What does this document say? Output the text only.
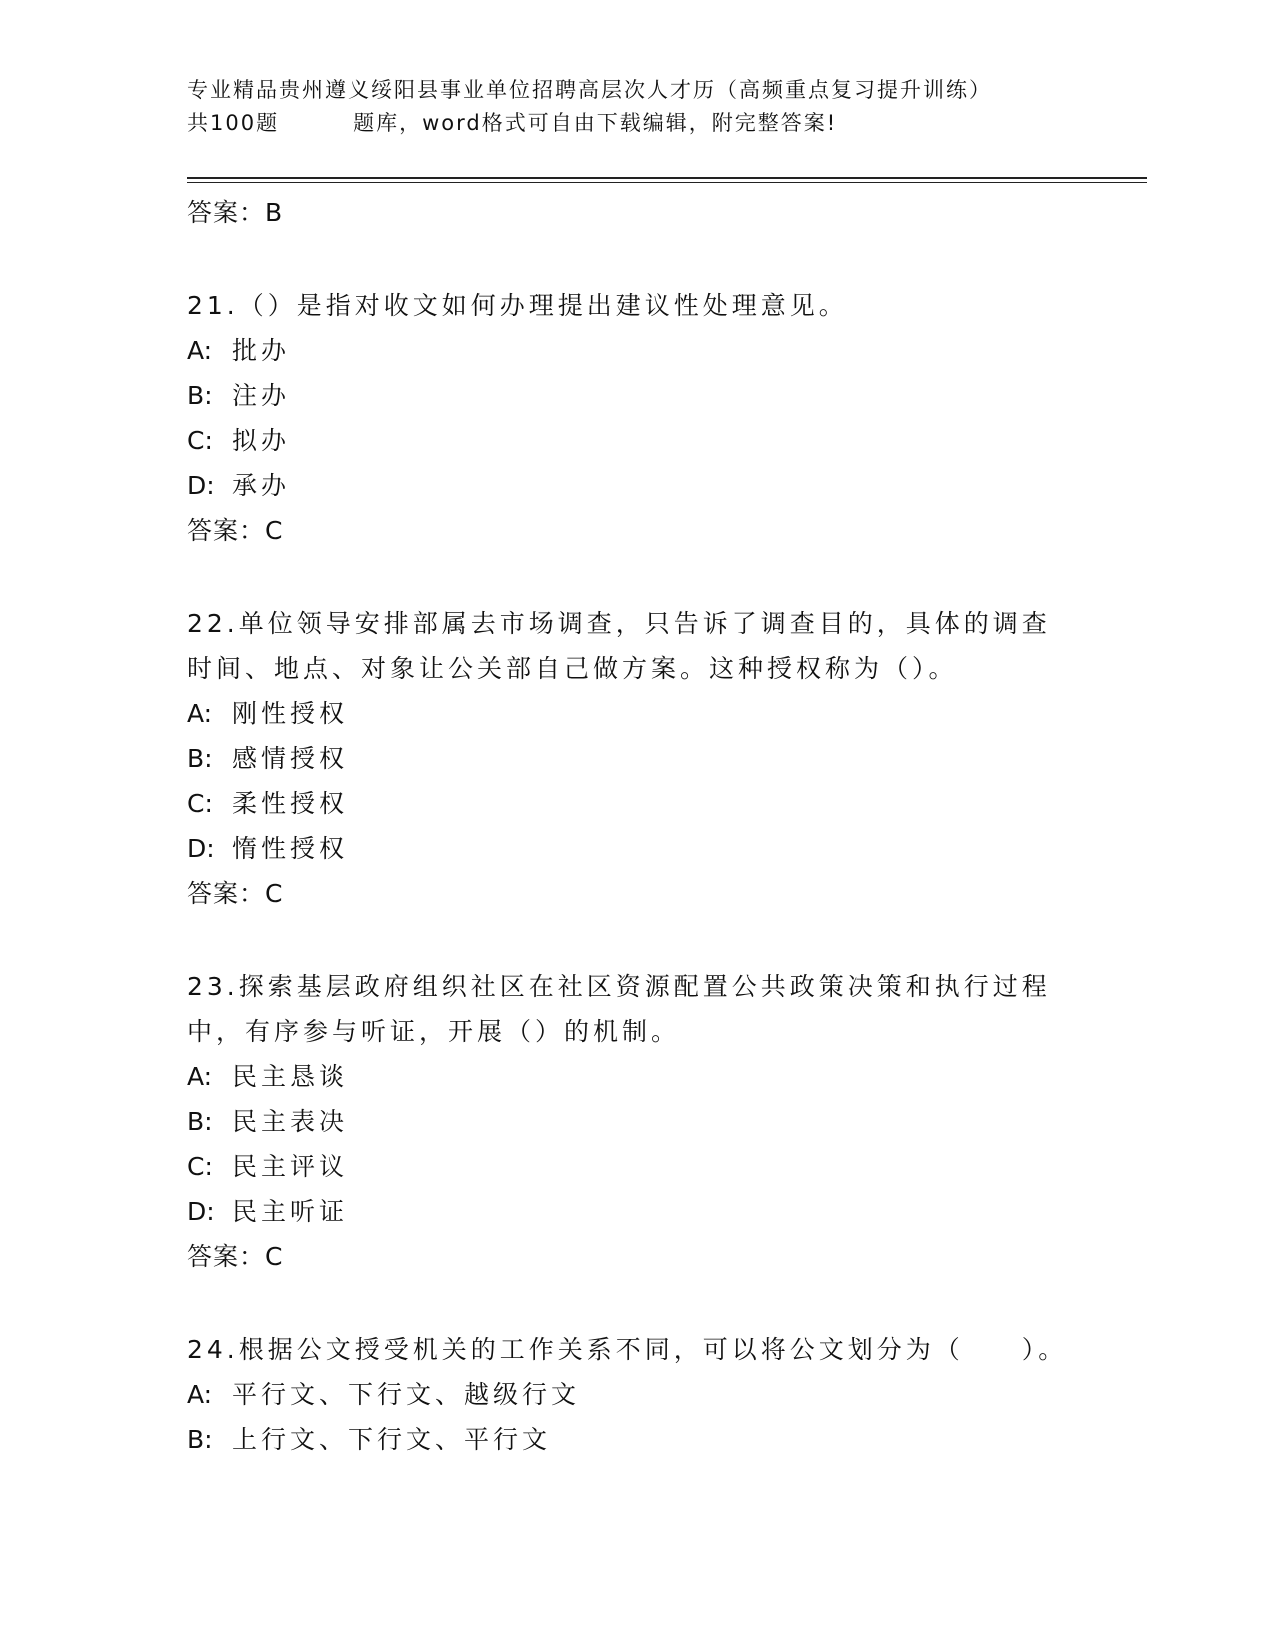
专业精品贵州遵义绥阳县事业单位招聘高层次人才历（高频重点复习提升训练）
共100题	题库，word格式可自由下载编辑，附完整答案!

答案：B

21.（）是指对收文如何办理提出建议性处理意见。

A: 批办

B: 注办

C: 拟办

D: 承办

答案：C

22.单位领导安排部属去市场调查，只告诉了调查目的，具体的调查时间、地点、对象让公关部自己做方案。这种授权称为（）。

A: 刚性授权

B: 感情授权

C: 柔性授权

D: 惰性授权

答案：C

23.探索基层政府组织社区在社区资源配置公共政策决策和执行过程中，有序参与听证，开展（）的机制。

A: 民主恳谈

B: 民主表决

C: 民主评议

D: 民主听证

答案：C

24.根据公文授受机关的工作关系不同，可以将公文划分为（　　）。

A: 平行文、下行文、越级行文

B: 上行文、下行文、平行文
